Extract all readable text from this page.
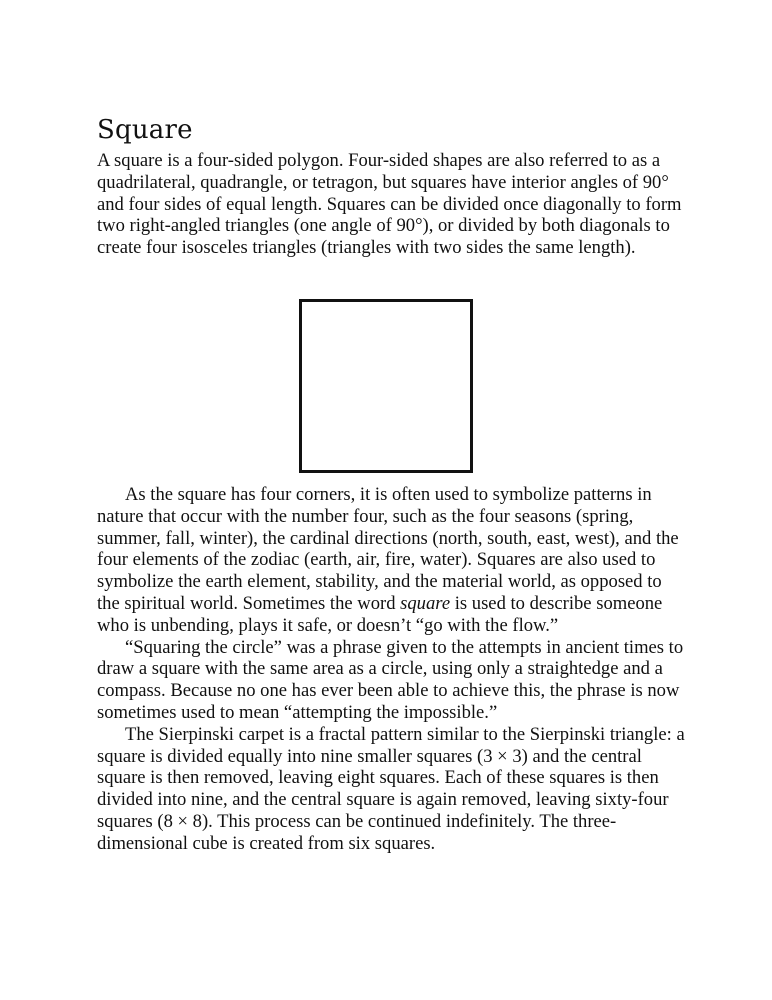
Square

A square is a four-sided polygon. Four-sided shapes are also referred to as a quadrilateral, quadrangle, or tetragon, but squares have interior angles of 90° and four sides of equal length. Squares can be divided once diagonally to form two right-angled triangles (one angle of 90°), or divided by both diagonals to create four isosceles triangles (triangles with two sides the same length).

As the square has four corners, it is often used to symbolize patterns in nature that occur with the number four, such as the four seasons (spring, summer, fall, winter), the cardinal directions (north, south, east, west), and the four elements of the zodiac (earth, air, fire, water). Squares are also used to symbolize the earth element, stability, and the material world, as opposed to the spiritual world. Sometimes the word square is used to describe someone who is unbending, plays it safe, or doesn’t “go with the flow.”

“Squaring the circle” was a phrase given to the attempts in ancient times to draw a square with the same area as a circle, using only a straightedge and a compass. Because no one has ever been able to achieve this, the phrase is now sometimes used to mean “attempting the impossible.”

The Sierpinski carpet is a fractal pattern similar to the Sierpinski triangle: a square is divided equally into nine smaller squares (3 × 3) and the central square is then removed, leaving eight squares. Each of these squares is then divided into nine, and the central square is again removed, leaving sixty-four squares (8 × 8). This process can be continued indefinitely. The three-dimensional cube is created from six squares.
